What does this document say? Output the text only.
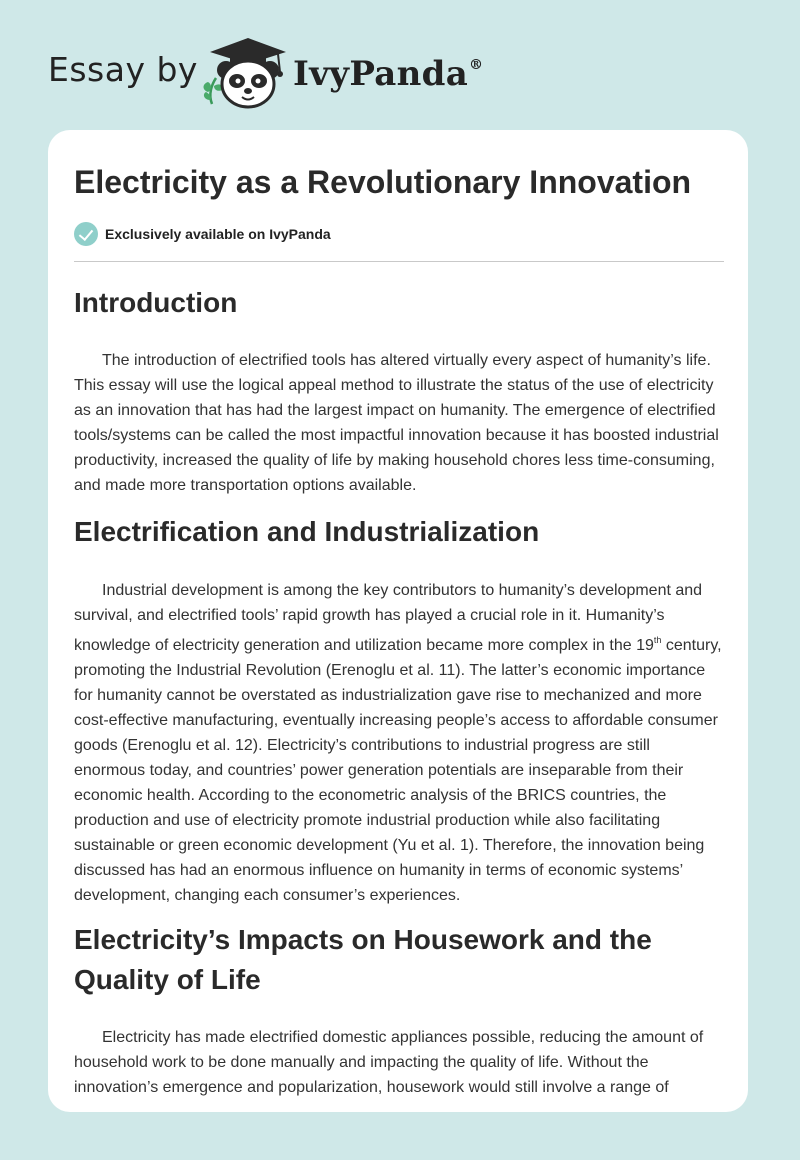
Essay by	IvyPanda®
Electricity as a Revolutionary Innovation
Exclusively available on IvyPanda
Introduction

The introduction of electrified tools has altered virtually every aspect of humanity’s life. This essay will use the logical appeal method to illustrate the status of the use of electricity as an innovation that has had the largest impact on humanity. The emergence of electrified tools/systems can be called the most impactful innovation because it has boosted industrial productivity, increased the quality of life by making household chores less time-consuming, and made more transportation options available.

Electrification and Industrialization

Industrial development is among the key contributors to humanity’s development and survival, and electrified tools’ rapid growth has played a crucial role in it. Humanity’s knowledge of electricity generation and utilization became more complex in the 19th century, promoting the Industrial Revolution (Erenoglu et al. 11). The latter’s economic importance for humanity cannot be overstated as industrialization gave rise to mechanized and more cost-effective manufacturing, eventually increasing people’s access to affordable consumer goods (Erenoglu et al. 12). Electricity’s contributions to industrial progress are still enormous today, and countries’ power generation potentials are inseparable from their economic health. According to the econometric analysis of the BRICS countries, the production and use of electricity promote industrial production while also facilitating sustainable or green economic development (Yu et al. 1). Therefore, the innovation being discussed has had an enormous influence on humanity in terms of economic systems’ development, changing each consumer’s experiences.

Electricity’s Impacts on Housework and the Quality of Life

Electricity has made electrified domestic appliances possible, reducing the amount of household work to be done manually and impacting the quality of life. Without the innovation’s emergence and popularization, housework would still involve a range of
